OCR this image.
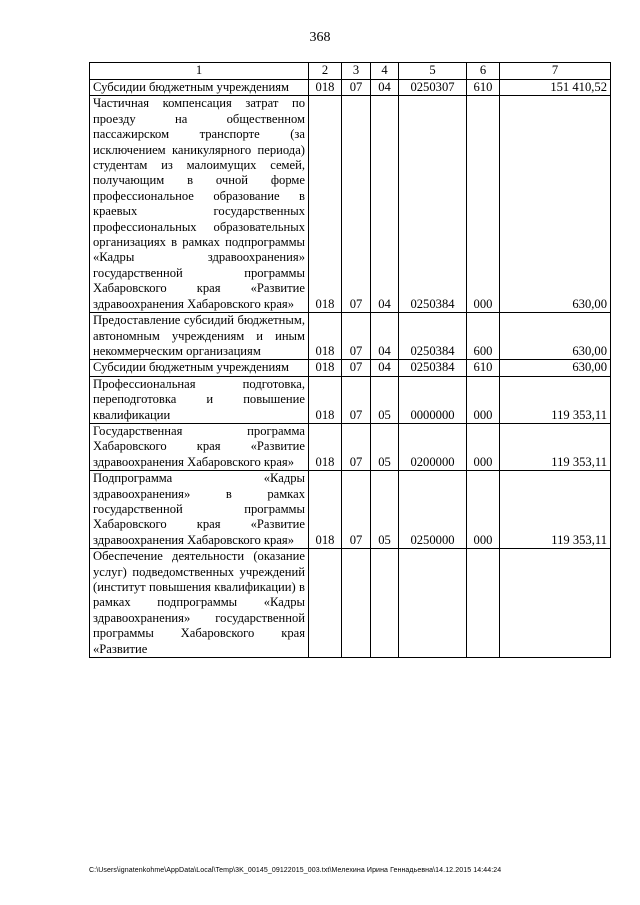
368
1	2	3	4	5	6	7
Субсидии бюджетным учреждениям	018	07	04	0250307	610	151 410,52
Частичная компенсация затрат по проезду на общественном пассажирском транспорте (за исключением каникулярного периода) студентам из малоимущих семей, получающим в очной форме профессиональное образование в краевых государственных профессиональных образовательных организациях в рамках подпрограммы «Кадры здравоохранения» государственной программы Хабаровского края «Развитие здравоохранения Хабаровского края»	018	07	04	0250384	000	630,00
Предоставление субсидий бюджетным, автономным учреждениям и иным некоммерческим организациям	018	07	04	0250384	600	630,00
Субсидии бюджетным учреждениям	018	07	04	0250384	610	630,00
Профессиональная подготовка, переподготовка и повышение квалификации	018	07	05	0000000	000	119 353,11
Государственная программа Хабаровского края «Развитие здравоохранения Хабаровского края»	018	07	05	0200000	000	119 353,11
Подпрограмма «Кадры здравоохранения» в рамках государственной программы Хабаровского края «Развитие здравоохранения Хабаровского края»	018	07	05	0250000	000	119 353,11
Обеспечение деятельности (оказание услуг) подведомственных учреждений (институт повышения квалификации) в рамках подпрограммы «Кадры здравоохранения» государственной программы Хабаровского края «Развитие						
C:\Users\ignatenkohme\AppData\Local\Temp\3K_00145_09122015_003.txt\Мелехина Ирина Геннадьевна\14.12.2015 14:44:24
